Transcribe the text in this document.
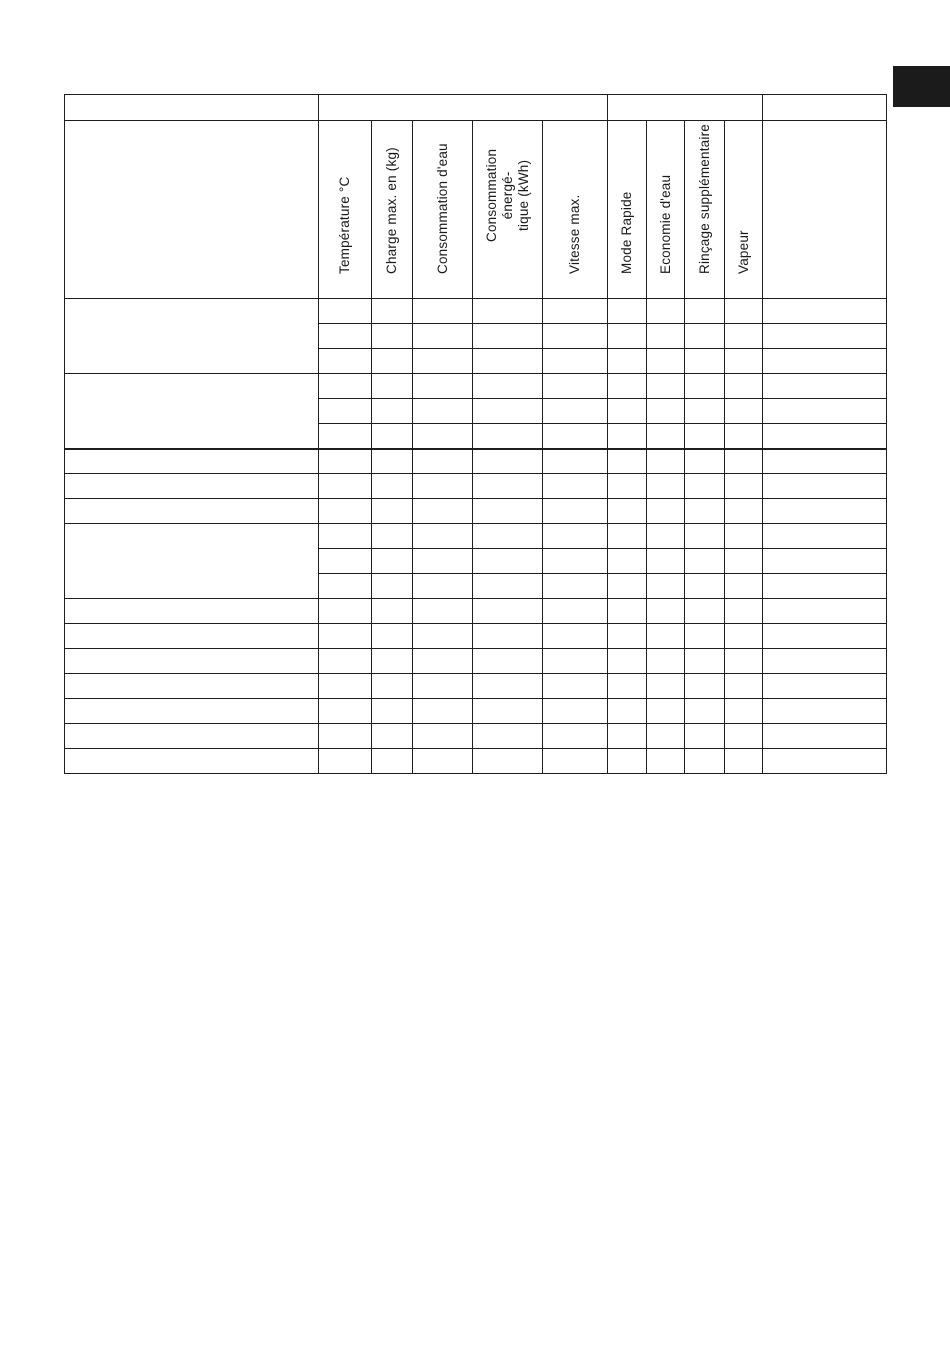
	Température °C	Charge max. en (kg)	Consommation d'eau	Consommation énergé-
tique (kWh)	Vitesse max.	Mode Rapide	Economie d'eau	Rinçage supplémentaire	Vapeur	
